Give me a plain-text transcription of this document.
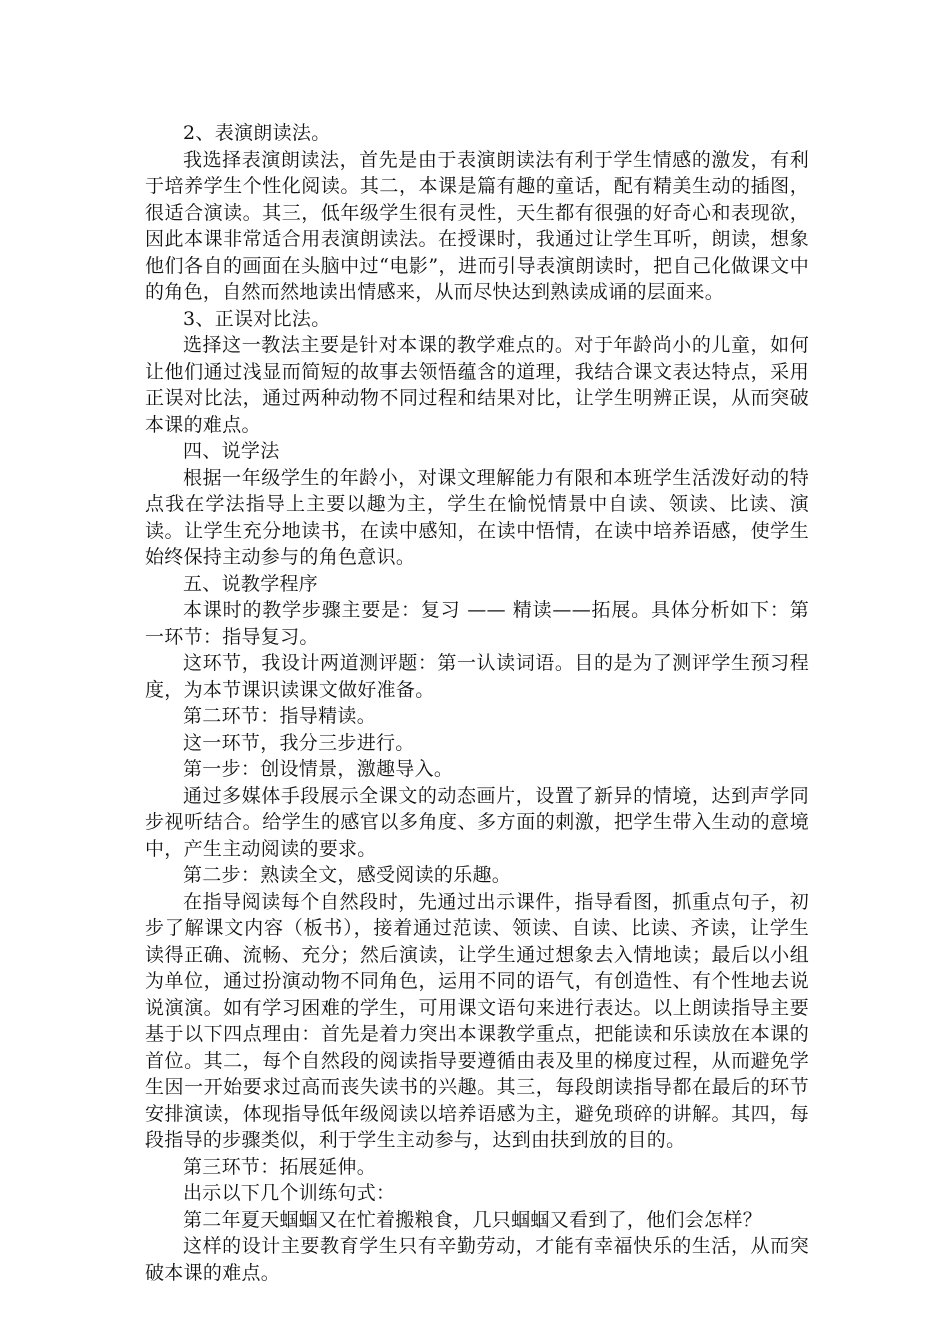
2、表演朗读法。

我选择表演朗读法，首先是由于表演朗读法有利于学生情感的激发，有利于培养学生个性化阅读。其二，本课是篇有趣的童话，配有精美生动的插图，很适合演读。其三，低年级学生很有灵性，天生都有很强的好奇心和表现欲，因此本课非常适合用表演朗读法。在授课时，我通过让学生耳听，朗读，想象他们各自的画面在头脑中过“电影”，进而引导表演朗读时，把自己化做课文中的角色，自然而然地读出情感来，从而尽快达到熟读成诵的层面来。

3、正误对比法。

选择这一教法主要是针对本课的教学难点的。对于年龄尚小的儿童，如何让他们通过浅显而简短的故事去领悟蕴含的道理，我结合课文表达特点，采用正误对比法，通过两种动物不同过程和结果对比，让学生明辨正误，从而突破本课的难点。

四、说学法

根据一年级学生的年龄小，对课文理解能力有限和本班学生活泼好动的特点我在学法指导上主要以趣为主，学生在愉悦情景中自读、领读、比读、演读。让学生充分地读书，在读中感知，在读中悟情，在读中培养语感，使学生始终保持主动参与的角色意识。

五、说教学程序

本课时的教学步骤主要是：复习 —— 精读——拓展。具体分析如下：第一环节：指导复习。

这环节，我设计两道测评题：第一认读词语。目的是为了测评学生预习程度，为本节课识读课文做好准备。

第二环节：指导精读。

这一环节，我分三步进行。

第一步：创设情景，激趣导入。

通过多媒体手段展示全课文的动态画片，设置了新异的情境，达到声学同步视听结合。给学生的感官以多角度、多方面的刺激，把学生带入生动的意境中，产生主动阅读的要求。

第二步：熟读全文，感受阅读的乐趣。

在指导阅读每个自然段时，先通过出示课件，指导看图，抓重点句子，初步了解课文内容（板书），接着通过范读、领读、自读、比读、齐读，让学生读得正确、流畅、充分；然后演读，让学生通过想象去入情地读；最后以小组为单位，通过扮演动物不同角色，运用不同的语气，有创造性、有个性地去说说演演。如有学习困难的学生，可用课文语句来进行表达。以上朗读指导主要基于以下四点理由：首先是着力突出本课教学重点，把能读和乐读放在本课的首位。其二，每个自然段的阅读指导要遵循由表及里的梯度过程，从而避免学生因一开始要求过高而丧失读书的兴趣。其三，每段朗读指导都在最后的环节安排演读，体现指导低年级阅读以培养语感为主，避免琐碎的讲解。其四，每段指导的步骤类似，利于学生主动参与，达到由扶到放的目的。

第三环节：拓展延伸。

出示以下几个训练句式：

第二年夏天蝈蝈又在忙着搬粮食，几只蝈蝈又看到了，他们会怎样？

这样的设计主要教育学生只有辛勤劳动，才能有幸福快乐的生活，从而突破本课的难点。
